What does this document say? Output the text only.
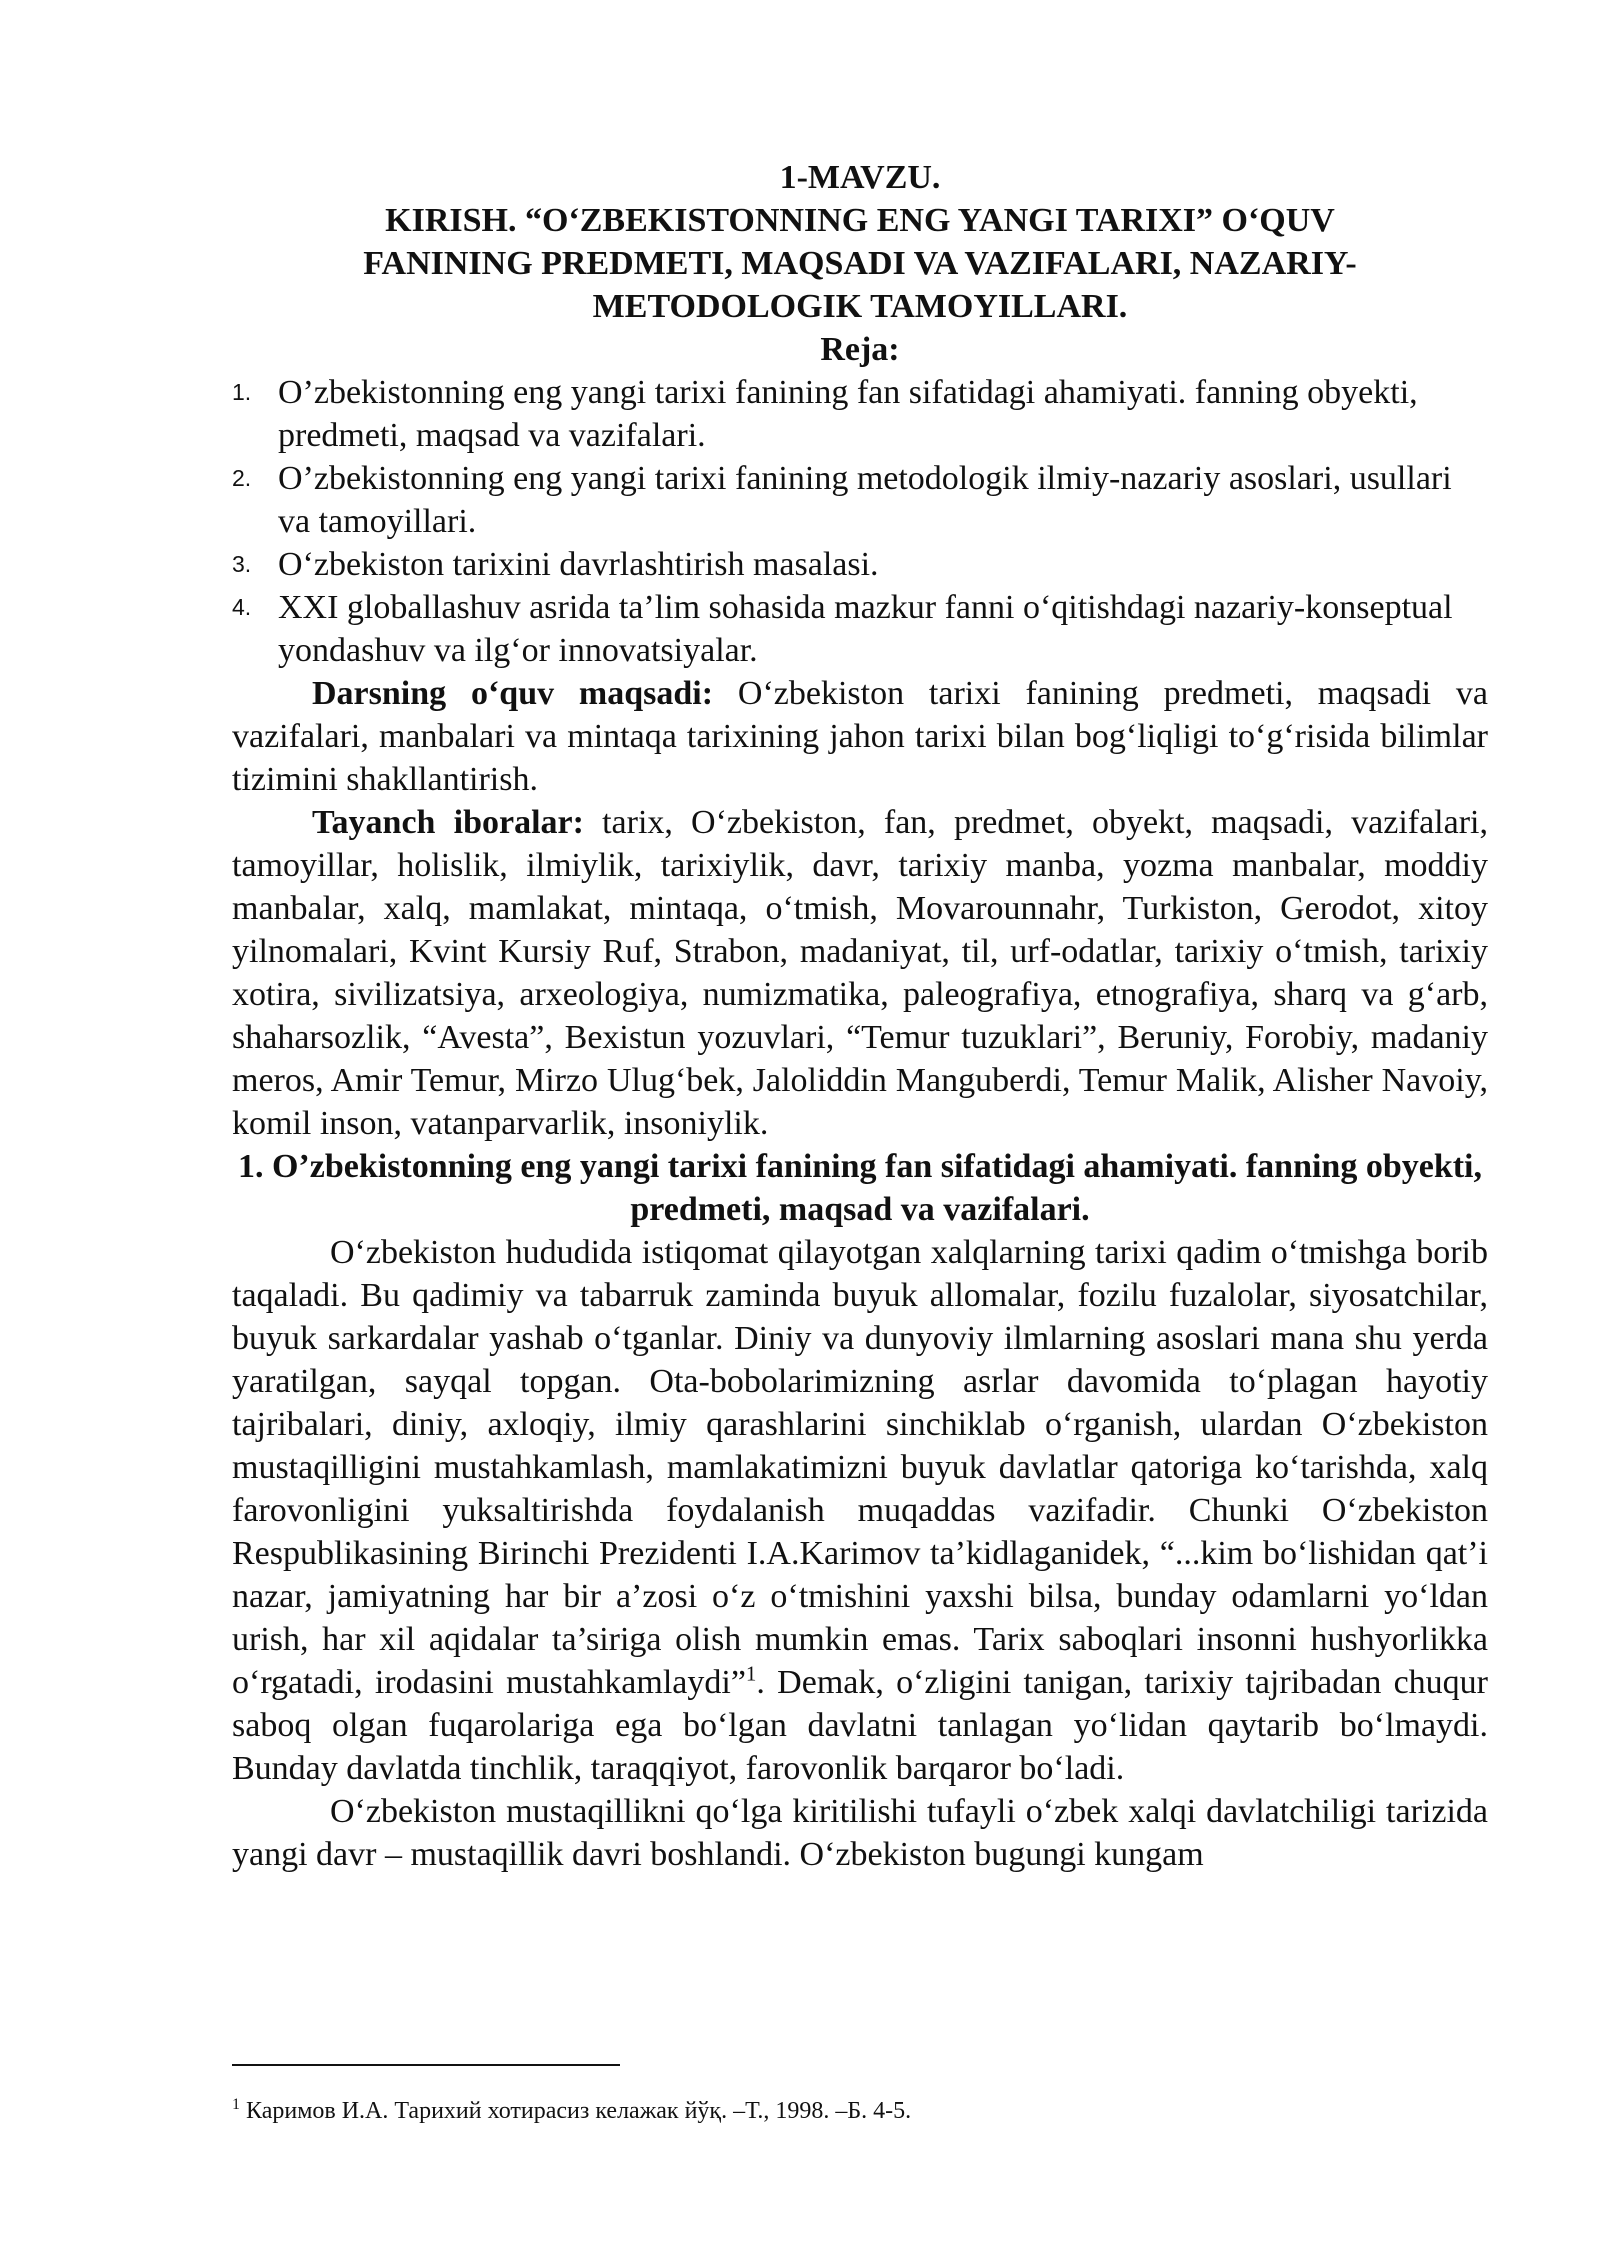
1-MAVZU.
KIRISH. “O‘ZBEKISTONNING ENG YANGI TARIXI” O‘QUV
FANINING PREDMETI, MAQSADI VA VAZIFALARI, NAZARIY-
METODOLOGIK TAMOYILLARI.
Reja:
1. O’zbekistonning eng yangi tarixi fanining fan sifatidagi ahamiyati. fanning obyekti, predmeti, maqsad va vazifalari.
2. O’zbekistonning eng yangi tarixi fanining metodologik ilmiy-nazariy asoslari, usullari va tamoyillari.
3. O‘zbekiston tarixini davrlashtirish masalasi.
4. XXI globallashuv asrida ta’lim sohasida mazkur fanni o‘qitishdagi nazariy-konseptual yondashuv va ilg‘or innovatsiyalar.

Darsning o‘quv maqsadi: O‘zbekiston tarixi fanining predmeti, maqsadi va vazifalari, manbalari va mintaqa tarixining jahon tarixi bilan bog‘liqligi to‘g‘risida bilimlar tizimini shakllantirish.

Tayanch iboralar: tarix, O‘zbekiston, fan, predmet, obyekt, maqsadi, vazifalari, tamoyillar, holislik, ilmiylik, tarixiylik, davr, tarixiy manba, yozma manbalar, moddiy manbalar, xalq, mamlakat, mintaqa, o‘tmish, Movarounnahr, Turkiston, Gerodot, xitoy yilnomalari, Kvint Kursiy Ruf, Strabon, madaniyat, til, urf-odatlar, tarixiy o‘tmish, tarixiy xotira, sivilizatsiya, arxeologiya, numizmatika, paleografiya, etnografiya, sharq va g‘arb, shaharsozlik, “Avesta”, Bexistun yozuvlari, “Temur tuzuklari”, Beruniy, Forobiy, madaniy meros, Amir Temur, Mirzo Ulug‘bek, Jaloliddin Manguberdi, Temur Malik, Alisher Navoiy, komil inson, vatanparvarlik, insoniylik.

1. O’zbekistonning eng yangi tarixi fanining fan sifatidagi ahamiyati. fanning obyekti, predmeti, maqsad va vazifalari.

O‘zbekiston hududida istiqomat qilayotgan xalqlarning tarixi qadim o‘tmishga borib taqaladi. Bu qadimiy va tabarruk zaminda buyuk allomalar, fozilu fuzalolar, siyosatchilar, buyuk sarkardalar yashab o‘tganlar. Diniy va dunyoviy ilmlarning asoslari mana shu yerda yaratilgan, sayqal topgan. Ota-bobolarimizning asrlar davomida to‘plagan hayotiy tajribalari, diniy, axloqiy, ilmiy qarashlarini sinchiklab o‘rganish, ulardan O‘zbekiston mustaqilligini mustahkamlash, mamlakatimizni buyuk davlatlar qatoriga ko‘tarishda, xalq farovonligini yuksaltirishda foydalanish muqaddas vazifadir. Chunki O‘zbekiston Respublikasining Birinchi Prezidenti I.A.Karimov ta’kidlaganidek, “...kim bo‘lishidan qat’i nazar, jamiyatning har bir a’zosi o‘z o‘tmishini yaxshi bilsa, bunday odamlarni yo‘ldan urish, har xil aqidalar ta’siriga olish mumkin emas. Tarix saboqlari insonni hushyorlikka o‘rgatadi, irodasini mustahkamlaydi”$^1$. Demak, o‘zligini tanigan, tarixiy tajribadan chuqur saboq olgan fuqarolariga ega bo‘lgan davlatni tanlagan yo‘lidan qaytarib bo‘lmaydi. Bunday davlatda tinchlik, taraqqiyot, farovonlik barqaror bo‘ladi.

O‘zbekiston mustaqillikni qo‘lga kiritilishi tufayli o‘zbek xalqi davlatchiligi tarizida yangi davr – mustaqillik davri boshlandi. O‘zbekiston bugungi kungam

$^1$ Каримов И.А. Тарихий хотирасиз келажак йўқ. –Т., 1998. –Б. 4-5.
